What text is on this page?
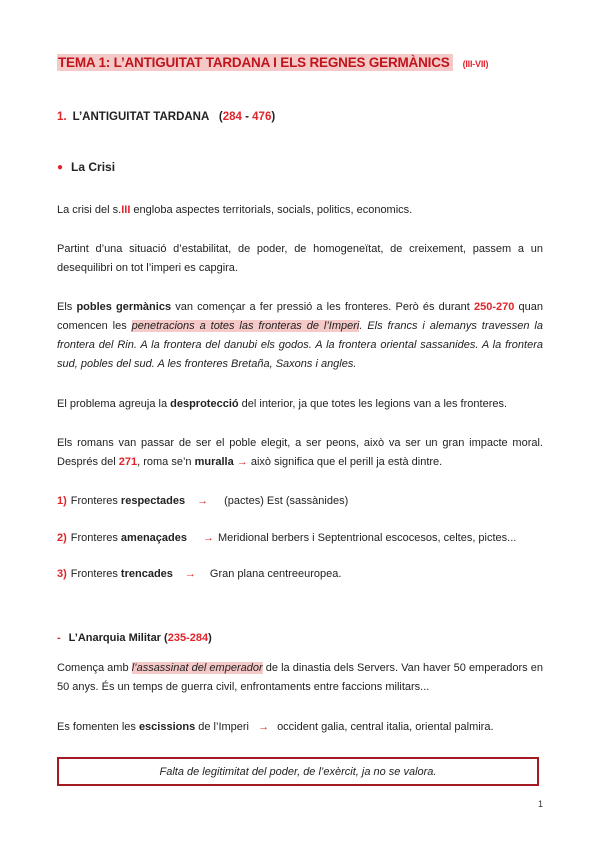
TEMA 1: L’ANTIGUITAT TARDANA I ELS REGNES GERMÀNICS (III-VII)
1. L’ANTIGUITAT TARDANA (284 - 476)
● La Crisi
La crisi del s.III engloba aspectes territorials, socials, politics, economics.
Partint d’una situació d’estabilitat, de poder, de homogeneïtat, de creixement, passem a un desequilibri on tot l’imperi es capgira.
Els pobles germànics van començar a fer pressió a les fronteres. Però és durant 250-270 quan comencen les penetracions a totes las fronteras de l’Imperi. Els francs i alemanys travessen la frontera del Rin. A la frontera del danubi els godos. A la frontera oriental sassanides. A la frontera sud, pobles del sud. A les fronteres Bretaña, Saxons i angles.
El problema agreuja la desprotecció del interior, ja que totes les legions van a les fronteres.
Els romans van passar de ser el poble elegit, a ser peons, això va ser un gran impacte moral. Després del 271, roma se’n muralla → això significa que el perill ja està dintre.
1) Fronteres respectades → (pactes) Est (sassànides)
2) Fronteres amenaçades → Meridional berbers i Septentrional escocesos, celtes, pictes...
3) Fronteres trencades → Gran plana centreeuropea.
- L’Anarquia Militar (235-284)
Comença amb l’assassinat del emperador de la dinastia dels Servers. Van haver 50 emperadors en 50 anys. És un temps de guerra civil, enfrontaments entre faccions militars...
Es fomenten les escissions de l’Imperi → occident galia, central italia, oriental palmira.
Falta de legitimitat del poder, de l’exèrcit, ja no se valora.
1
